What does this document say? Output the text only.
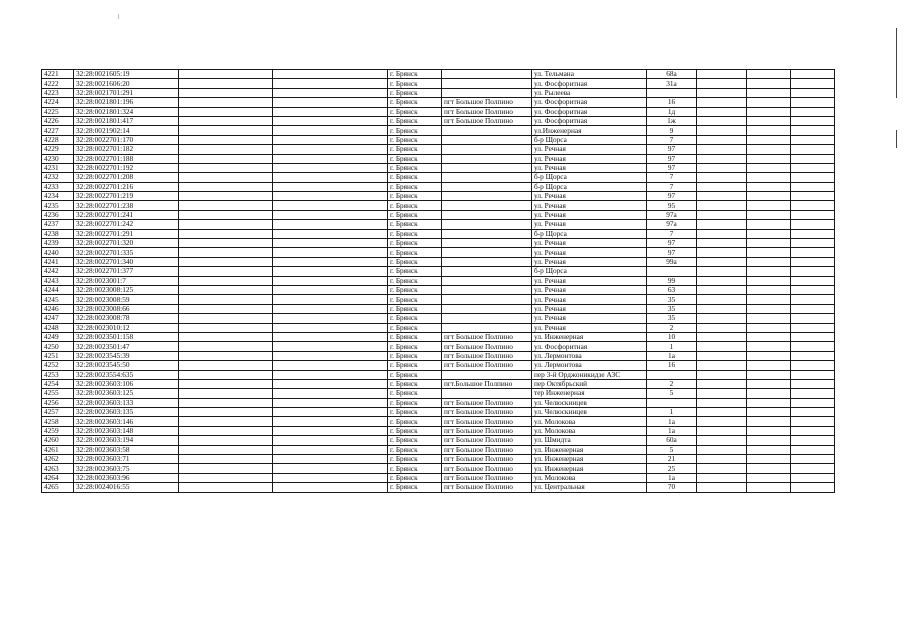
4221	32:28:0021605:19			г. Брянск		ул. Тельмана	68а			
4222	32:28:0021606:20			г. Брянск		ул. Фосфоритная	31а			
4223	32:28:0021701:291			г. Брянск		ул. Рылеева				
4224	32:28:0021801:196			г. Брянск	пгт Большое Полпино	ул. Фосфоритная	16			
4225	32:28:0021801:324			г. Брянск	пгт Большое Полпино	ул. Фосфоритная	1д			
4226	32:28:0021801:417			г. Брянск	пгт Большое Полпино	ул. Фосфоритная	1ж			
4227	32:28:0021902:14			г. Брянск		ул.Инженерная	9			
4228	32:28:0022701:170			г. Брянск		б-р Щорса	7			
4229	32:28:0022701:182			г. Брянск		ул. Речная	97			
4230	32:28:0022701:188			г. Брянск		ул. Речная	97			
4231	32:28:0022701:192			г. Брянск		ул. Речная	97			
4232	32:28:0022701:208			г. Брянск		б-р Щорса	7			
4233	32:28:0022701:216			г. Брянск		б-р Щорса	7			
4234	32:28:0022701:219			г. Брянск		ул. Речная	97			
4235	32:28:0022701:238			г. Брянск		ул. Речная	95			
4236	32:28:0022701:241			г. Брянск		ул. Речная	97а			
4237	32:28:0022701:242			г. Брянск		ул. Речная	97а			
4238	32:28:0022701:291			г. Брянск		б-р Щорса	7			
4239	32:28:0022701:320			г. Брянск		ул. Речная	97			
4240	32:28:0022701:335			г. Брянск		ул. Речная	97			
4241	32:28:0022701:340			г. Брянск		ул. Речная	99а			
4242	32:28:0022701:377			г. Брянск		б-р Щорса				
4243	32:28:0023001:7			г. Брянск		ул. Речная	99			
4244	32:28:0023008:125			г. Брянск		ул. Речная	63			
4245	32:28:0023008:59			г. Брянск		ул. Речная	35			
4246	32:28:0023008:66			г. Брянск		ул. Речная	35			
4247	32:28:0023008:78			г. Брянск		ул. Речная	35			
4248	32:28:0023010:12			г. Брянск		ул. Речная	2			
4249	32:28:0023501:158			г. Брянск	пгт Большое Полпино	ул. Инженерная	10			
4250	32:28:0023501:47			г. Брянск	пгт Большое Полпино	ул. Фосфоритная	1			
4251	32:28:0023545:39			г. Брянск	пгт Большое Полпино	ул. Лермонтова	1а			
4252	32:28:0023545:50			г. Брянск	пгт Большое Полпино	ул. Лермонтова	16			
4253	32:28:0023554:635			г. Брянск		пер 3-й Орджоникидзе АЗС				
4254	32:28:0023603:106			г. Брянск	пгт.Большое Полпино	пер Октябрьский	2			
4255	32:28:0023603:125			г. Брянск		тер Инженерная	5			
4256	32:28:0023603:133			г. Брянск	пгт Большое Полпино	ул. Челюскинцев				
4257	32:28:0023603:135			г. Брянск	пгт Большое Полпино	ул. Челюскинцев	1			
4258	32:28:0023603:146			г. Брянск	пгт Большое Полпино	ул. Молокова	1а			
4259	32:28:0023603:148			г. Брянск	пгт Большое Полпино	ул. Молокова	1а			
4260	32:28:0023603:194			г. Брянск	пгт Большое Полпино	ул. Шмидта	60а			
4261	32:28:0023603:58			г. Брянск	пгт Большое Полпино	ул. Инженерная	5			
4262	32:28:0023603:71			г. Брянск	пгт Большое Полпино	ул. Инженерная	21			
4263	32:28:0023603:75			г. Брянск	пгт Большое Полпино	ул. Инженерная	25			
4264	32:28:0023603:96			г. Брянск	пгт Большое Полпино	ул. Молокова	1а			
4265	32:28:0024016:55			г. Брянск	пгт Большое Полпино	ул. Центральная	70			
